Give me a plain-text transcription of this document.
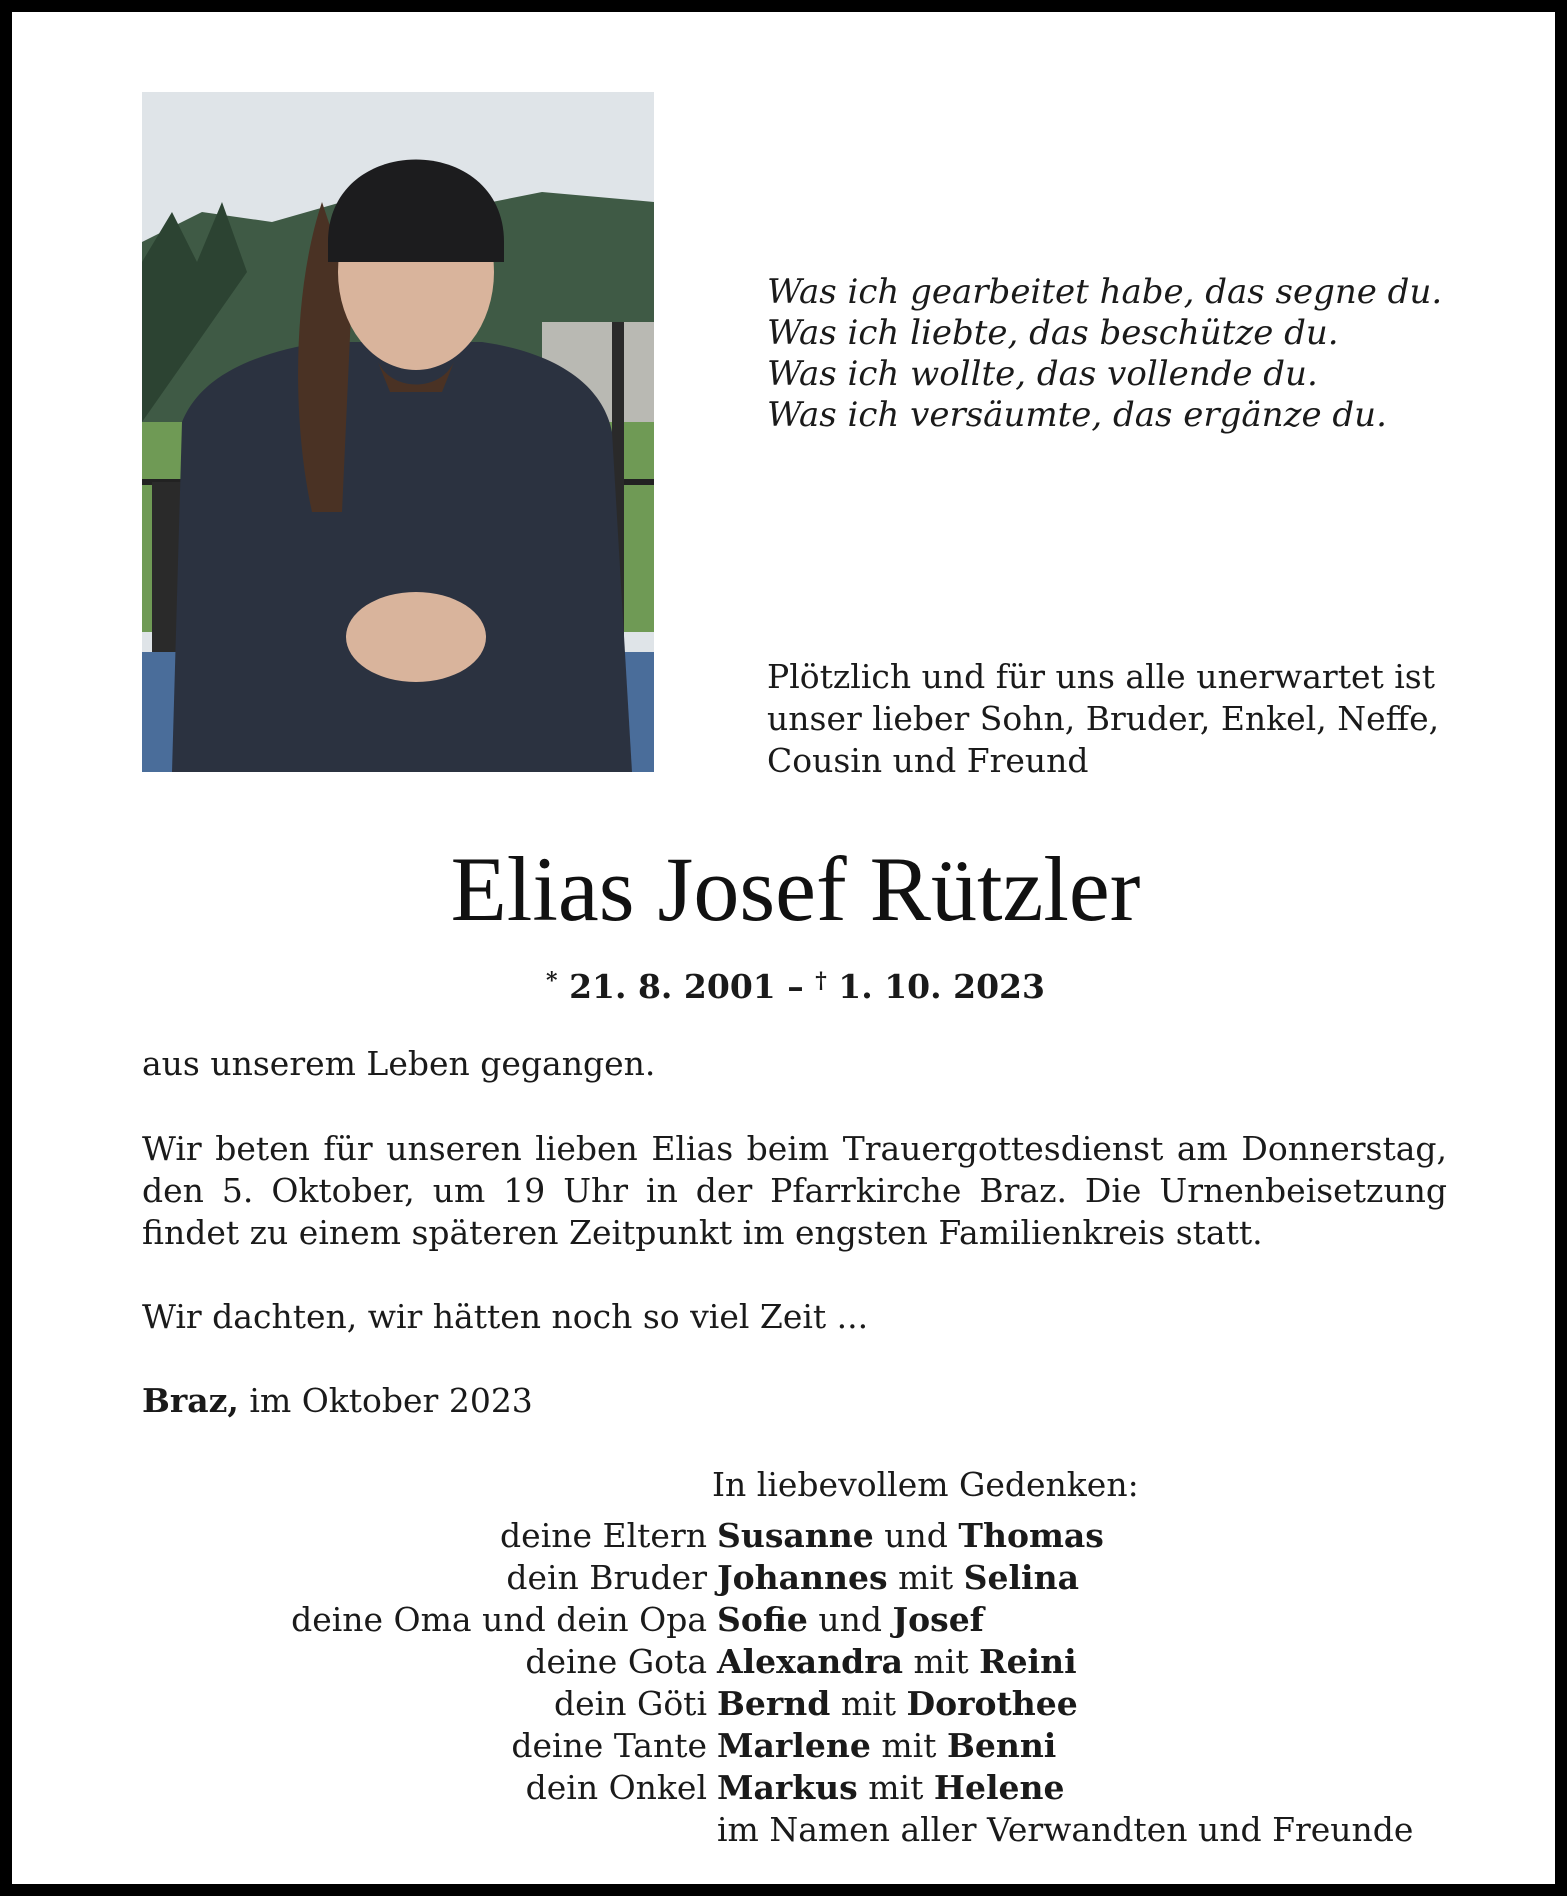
Was ich gearbeitet habe, das segne du.
Was ich liebte, das beschütze du.
Was ich wollte, das vollende du.
Was ich versäumte, das ergänze du.
Plötzlich und für uns alle unerwartet ist
unser lieber Sohn, Bruder, Enkel, Neffe,
Cousin und Freund
Elias Josef Rützler
* 21. 8. 2001 – † 1. 10. 2023
aus unserem Leben gegangen.
Wir beten für unseren lieben Elias beim Trauergottesdienst am Donnerstag, den 5. Oktober, um 19 Uhr in der Pfarrkirche Braz. Die Urnenbeisetzung findet zu einem späteren Zeitpunkt im engsten Familienkreis statt.
Wir dachten, wir hätten noch so viel Zeit ...
Braz, im Oktober 2023
In liebevollem Gedenken:
deine Eltern Susanne und Thomas
dein Bruder Johannes mit Selina
deine Oma und dein Opa Sofie und Josef
deine Gota Alexandra mit Reini
dein Göti Bernd mit Dorothee
deine Tante Marlene mit Benni
dein Onkel Markus mit Helene
im Namen aller Verwandten und Freunde
